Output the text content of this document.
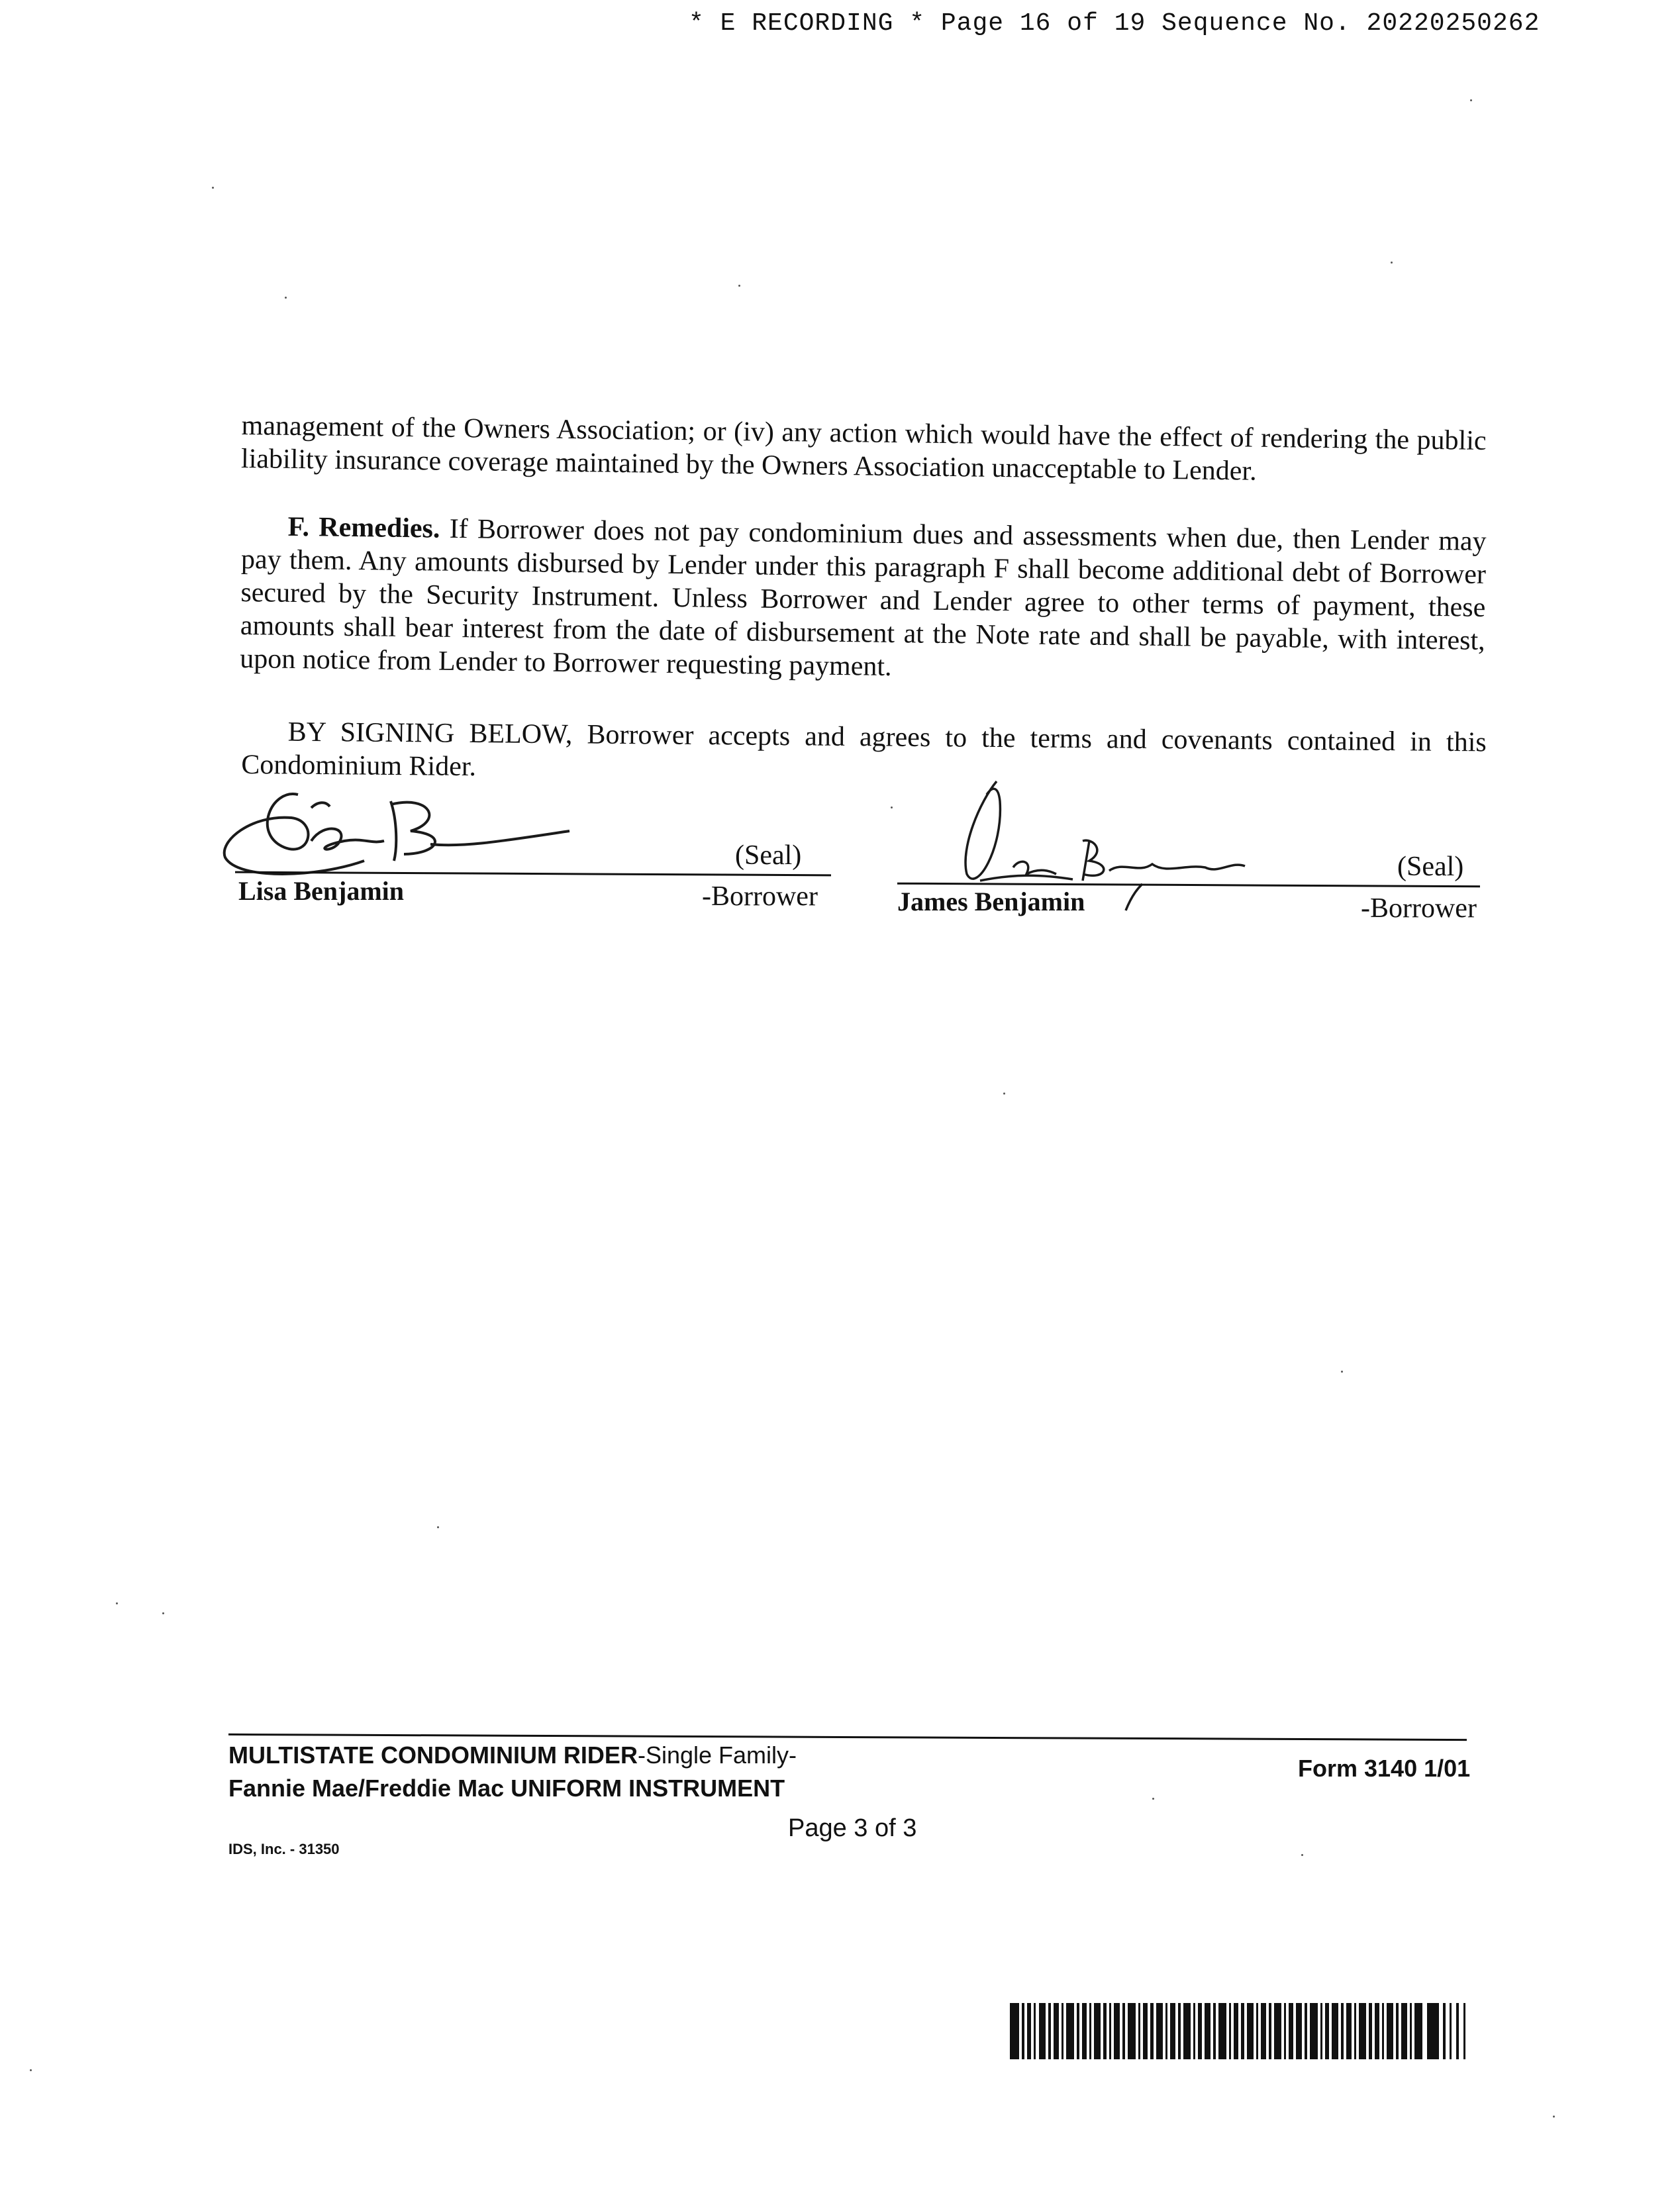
* E RECORDING * Page 16 of 19 Sequence No. 20220250262
management of the Owners Association; or (iv) any action which would have the effect of rendering the public liability insurance coverage maintained by the Owners Association unacceptable to Lender.
F. Remedies. If Borrower does not pay condominium dues and assessments when due, then Lender may pay them. Any amounts disbursed by Lender under this paragraph F shall become additional debt of Borrower secured by the Security Instrument. Unless Borrower and Lender agree to other terms of payment, these amounts shall bear interest from the date of disbursement at the Note rate and shall be payable, with interest, upon notice from Lender to Borrower requesting payment.
BY SIGNING BELOW, Borrower accepts and agrees to the terms and covenants contained in this Condominium Rider.
(Seal)
Lisa Benjamin	-Borrower
(Seal)
James Benjamin	-Borrower
MULTISTATE CONDOMINIUM RIDER-Single Family-
Fannie Mae/Freddie Mac UNIFORM INSTRUMENT
Form 3140 1/01
Page 3 of 3
IDS, Inc. - 31350
